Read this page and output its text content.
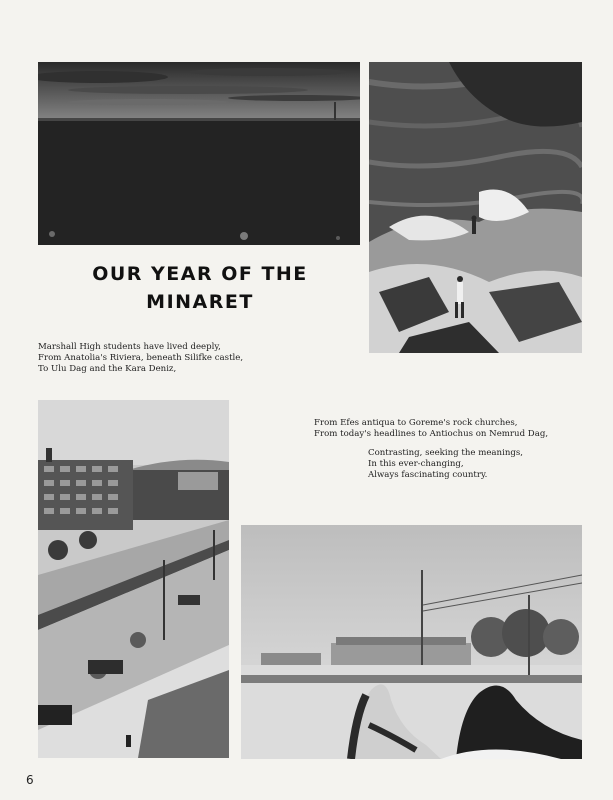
OUR YEAR OF THE
MINARET
Marshall High students have lived deeply,
From Anatolia's Riviera, beneath Silifke castle,
To Ulu Dag and the Kara Deniz,
From Efes antiqua to Goreme's rock churches,
From today's headlines to Antiochus on Nemrud Dag,
Contrasting, seeking the meanings,
In this ever-changing,
Always fascinating country.
6
